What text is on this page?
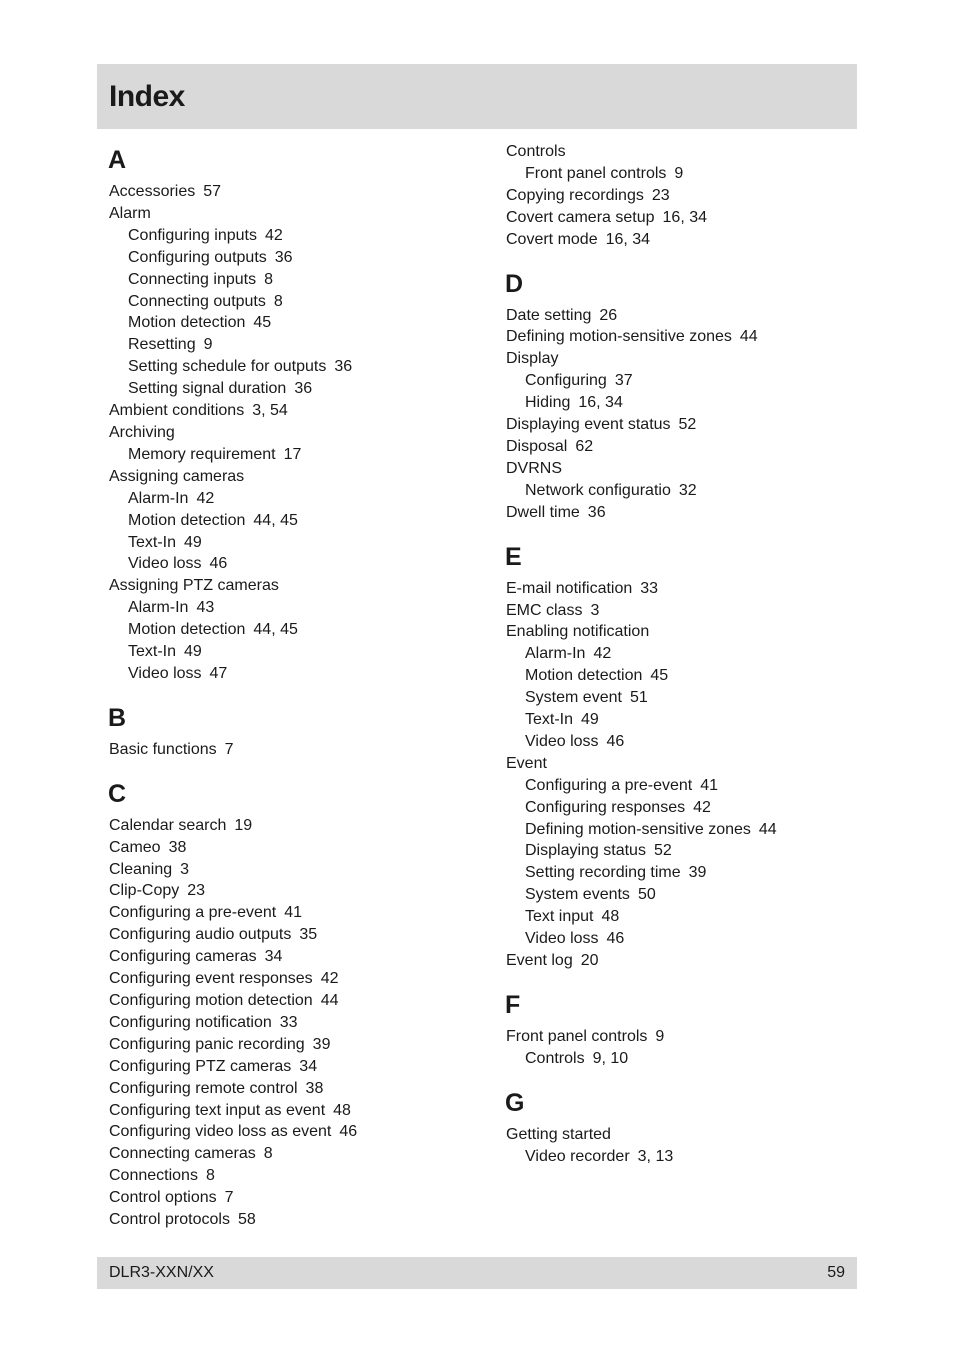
Index
A
Accessories 57
Alarm
Configuring inputs 42
Configuring outputs 36
Connecting inputs 8
Connecting outputs 8
Motion detection 45
Resetting 9
Setting schedule for outputs 36
Setting signal duration 36
Ambient conditions 3, 54
Archiving
Memory requirement 17
Assigning cameras
Alarm-In 42
Motion detection 44, 45
Text-In 49
Video loss 46
Assigning PTZ cameras
Alarm-In 43
Motion detection 44, 45
Text-In 49
Video loss 47
B
Basic functions 7
C
Calendar search 19
Cameo 38
Cleaning 3
Clip-Copy 23
Configuring a pre-event 41
Configuring audio outputs 35
Configuring cameras 34
Configuring event responses 42
Configuring motion detection 44
Configuring notification 33
Configuring panic recording 39
Configuring PTZ cameras 34
Configuring remote control 38
Configuring text input as event 48
Configuring video loss as event 46
Connecting cameras 8
Connections 8
Control options 7
Control protocols 58
Controls
Front panel controls 9
Copying recordings 23
Covert camera setup 16, 34
Covert mode 16, 34
D
Date setting 26
Defining motion-sensitive zones 44
Display
Configuring 37
Hiding 16, 34
Displaying event status 52
Disposal 62
DVRNS
Network configuratio 32
Dwell time 36
E
E-mail notification 33
EMC class 3
Enabling notification
Alarm-In 42
Motion detection 45
System event 51
Text-In 49
Video loss 46
Event
Configuring a pre-event 41
Configuring responses 42
Defining motion-sensitive zones 44
Displaying status 52
Setting recording time 39
System events 50
Text input 48
Video loss 46
Event log 20
F
Front panel controls 9
Controls 9, 10
G
Getting started
Video recorder 3, 13
DLR3-XXN/XX	59
